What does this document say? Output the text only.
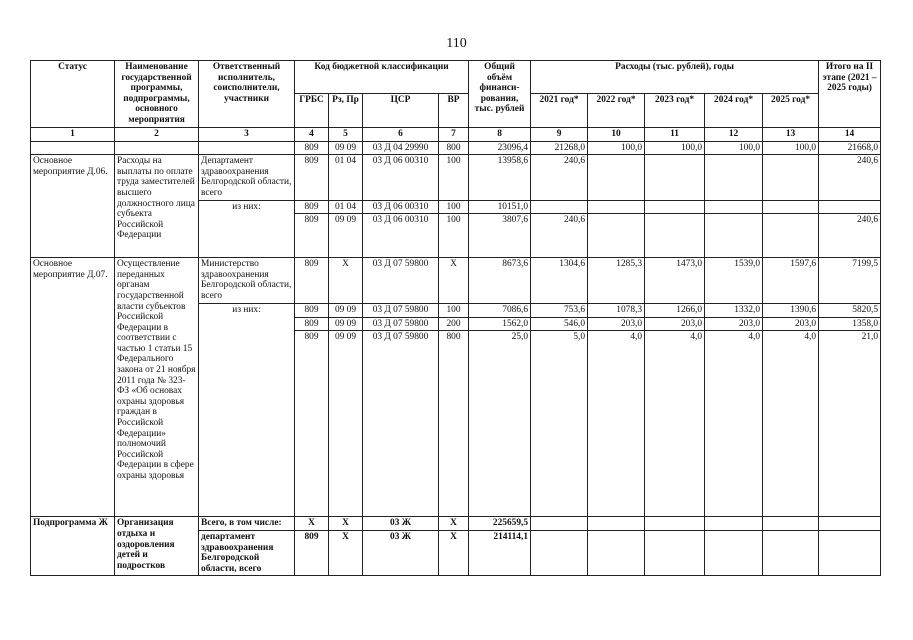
110
Статус	Наименование государственной программы, подпрограммы, основного мероприятия	Ответственный исполнитель, соисполнители, участники	Код бюджетной классификации				Общий объём финанси-рования, тыс. рублей	Расходы (тыс. рублей), годы					Итого на II этапе (2021 – 2025 годы)
			ГРБС	Рз, Пр	ЦСР	ВР		2021 год*	2022 год*	2023 год*	2024 год*	2025 год*	
1	2	3	4	5	6	7	8	9	10	11	12	13	14
			809	09 09	03 Д 04 29990	800	23096,4	21268,0	100,0	100,0	100,0	100,0	21668,0
Основное мероприятие Д.06.	Расходы на выплаты по оплате труда заместителей высшего должностного лица субъекта Российской Федерации	Департамент здравоохранения Белгородской области, всего	809	01 04	03 Д 06 00310	100	13958,6	240,6					240,6
		из них:	809	01 04	03 Д 06 00310	100	10151,0						
			809	09 09	03 Д 06 00310	100	3807,6	240,6					240,6
Основное мероприятие Д.07.	Осуществление переданных органам государственной власти субъектов Российской Федерации в соответствии с частью 1 статьи 15 Федерального закона от 21 ноября 2011 года № 323-ФЗ «Об основах охраны здоровья граждан в Российской Федерации» полномочий Российской Федерации в сфере охраны здоровья	Министерство здравоохранения Белгородской области, всего	809	Х	03 Д 07 59800	Х	8673,6	1304,6	1285,3	1473,0	1539,0	1597,6	7199,5
		из них:	809	09 09	03 Д 07 59800	100	7086,6	753,6	1078,3	1266,0	1332,0	1390,6	5820,5
			809	09 09	03 Д 07 59800	200	1562,0	546,0	203,0	203,0	203,0	203,0	1358,0
			809	09 09	03 Д 07 59800	800	25,0	5,0	4,0	4,0	4,0	4,0	21,0
Подпрограмма Ж	Организация отдыха и оздоровления детей и подростков	Всего, в том числе:	Х	Х	03 Ж	Х	225659,5						
		департамент здравоохранения Белгородской области, всего	809	Х	03 Ж	Х	214114,1						
